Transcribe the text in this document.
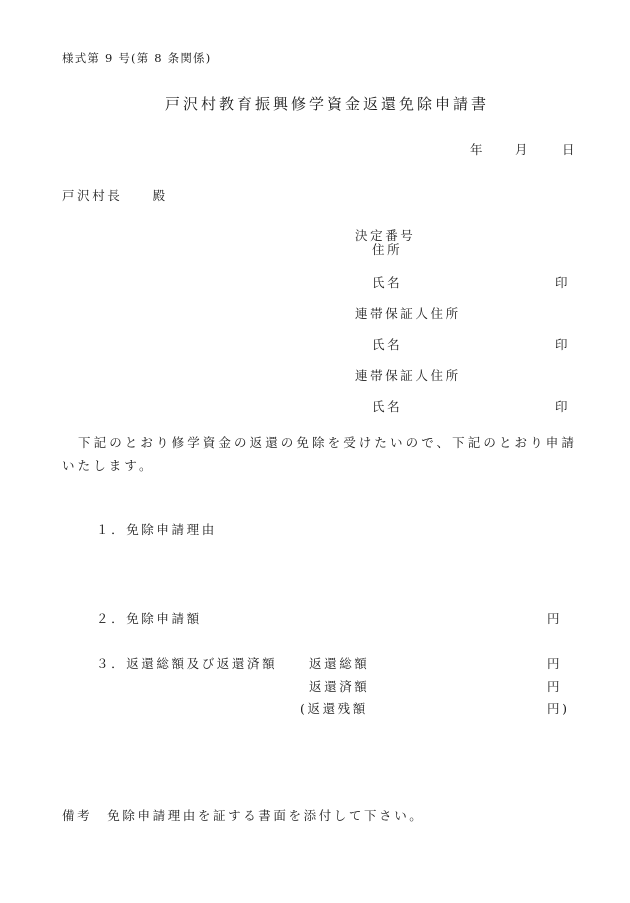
様式第 9 号(第 8 条関係)
戸沢村教育振興修学資金返還免除申請書
年 月	日
戸沢村長　　殿
決定番号
住所
氏名	印
連帯保証人住所
氏名	印
連帯保証人住所
氏名	印
下記のとおり修学資金の返還の免除を受けたいので、下記のとおり申請いたします。
１．免除申請理由
２．免除申請額	円
３．返還総額及び返還済額	返還総額	円
返還済額	円
(返還残額	円)
備考　免除申請理由を証する書面を添付して下さい。
